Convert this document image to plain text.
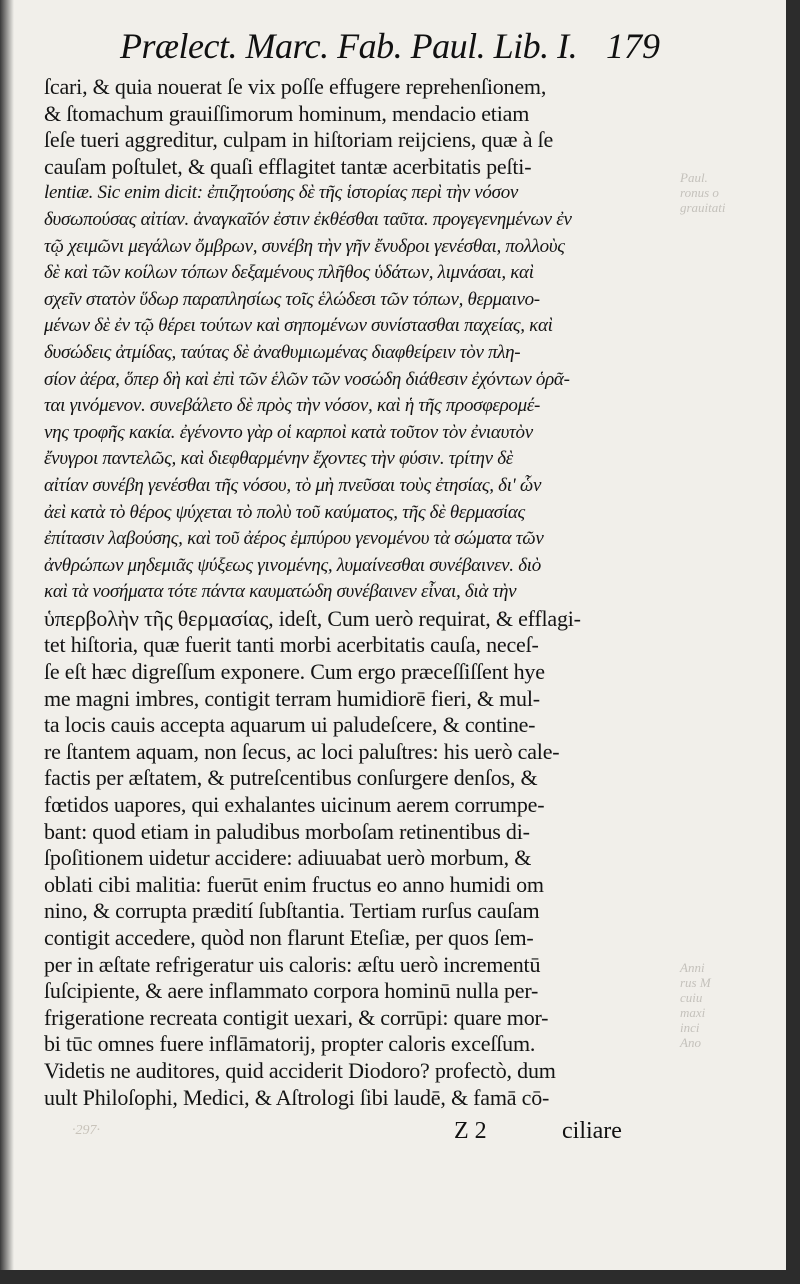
Paul.
ronus o
grauitati
Anni
rus M
cuiu
maxi
inci
Ano
Prælect. Marc. Fab. Paul. Lib. I. 179
ſcari, & quia nouerat ſe vix poſſe effugere reprehenſionem,
& ſtomachum grauiſſimorum hominum, mendacio etiam
ſeſe tueri aggreditur, culpam in hiſtoriam reijciens, quæ à ſe
cauſam poſtulet, & quaſi efflagitet tantæ acerbitatis peſti-
lentiæ. Sic enim dicit: ἐπιζητούσης δὲ τῆς ἱστορίας περὶ τὴν νόσον
δυσωπούσας αἰτίαν. ἀναγκαῖόν ἐστιν ἐκθέσθαι ταῦτα. προγεγενημένων ἐν
τῷ χειμῶνι μεγάλων ὄμβρων, συνέβη τὴν γῆν ἔνυδροι γενέσθαι, πολλοὺς
δὲ καὶ τῶν κοίλων τόπων δεξαμένους πλῆθος ὑδάτων, λιμνάσαι, καὶ
σχεῖν στατὸν ὕδωρ παραπλησίως τοῖς ἑλώδεσι τῶν τόπων, θερμαινο-
μένων δὲ ἐν τῷ θέρει τούτων καὶ σηπομένων συνίστασθαι παχείας, καὶ
δυσώδεις ἀτμίδας, ταύτας δὲ ἀναθυμιωμένας διαφθείρειν τὸν πλη-
σίον ἀέρα, ὅπερ δὴ καὶ ἐπὶ τῶν ἑλῶν τῶν νοσώδη διάθεσιν ἐχόντων ὁρᾶ-
ται γινόμενον. συνεβάλετο δὲ πρὸς τὴν νόσον, καὶ ἡ τῆς προσφερομέ-
νης τροφῆς κακία. ἐγένοντο γὰρ οἱ καρποὶ κατὰ τοῦτον τὸν ἐνιαυτὸν
ἔνυγροι παντελῶς, καὶ διεφθαρμένην ἔχοντες τὴν φύσιν. τρίτην δὲ
αἰτίαν συνέβη γενέσθαι τῆς νόσου, τὸ μὴ πνεῦσαι τοὺς ἐτησίας, δι' ὧν
ἀεὶ κατὰ τὸ θέρος ψύχεται τὸ πολὺ τοῦ καύματος, τῆς δὲ θερμασίας
ἐπίτασιν λαβούσης, καὶ τοῦ ἀέρος ἐμπύρου γενομένου τὰ σώματα τῶν
ἀνθρώπων μηδεμιᾶς ψύξεως γινομένης, λυμαίνεσθαι συνέβαινεν. διὸ
καὶ τὰ νοσήματα τότε πάντα καυματώδη συνέβαινεν εἶναι, διὰ τὴν
ὑπερβολὴν τῆς θερμασίας, ideſt, Cum uerò requirat, & efflagi-
tet hiſtoria, quæ fuerit tanti morbi acerbitatis cauſa, neceſ-
ſe eſt hæc digreſſum exponere. Cum ergo præceſſiſſent hye
me magni imbres, contigit terram humidiorē fieri, & mul-
ta locis cauis accepta aquarum ui paludeſcere, & contine-
re ſtantem aquam, non ſecus, ac loci paluſtres: his uerò cale-
factis per æſtatem, & putreſcentibus conſurgere denſos, &
fœtidos uapores, qui exhalantes uicinum aerem corrumpe-
bant: quod etiam in paludibus morboſam retinentibus di-
ſpoſitionem uidetur accidere: adiuuabat uerò morbum, &
oblati cibi malitia: fuerūt enim fructus eo anno humidi om
nino, & corrupta prædití ſubſtantia. Tertiam rurſus cauſam
contigit accedere, quòd non flarunt Eteſiæ, per quos ſem-
per in æſtate refrigeratur uis caloris: æſtu uerò incrementū
ſuſcipiente, & aere inflammato corpora hominū nulla per-
frigeratione recreata contigit uexari, & corrūpi: quare mor-
bi tūc omnes fuere inflāmatorij, propter caloris exceſſum.
Videtis ne auditores, quid acciderit Diodoro? profectò, dum
uult Philoſophi, Medici, & Aſtrologi ſibi laudē, & famā cō-
·297·	Z 2	ciliare
